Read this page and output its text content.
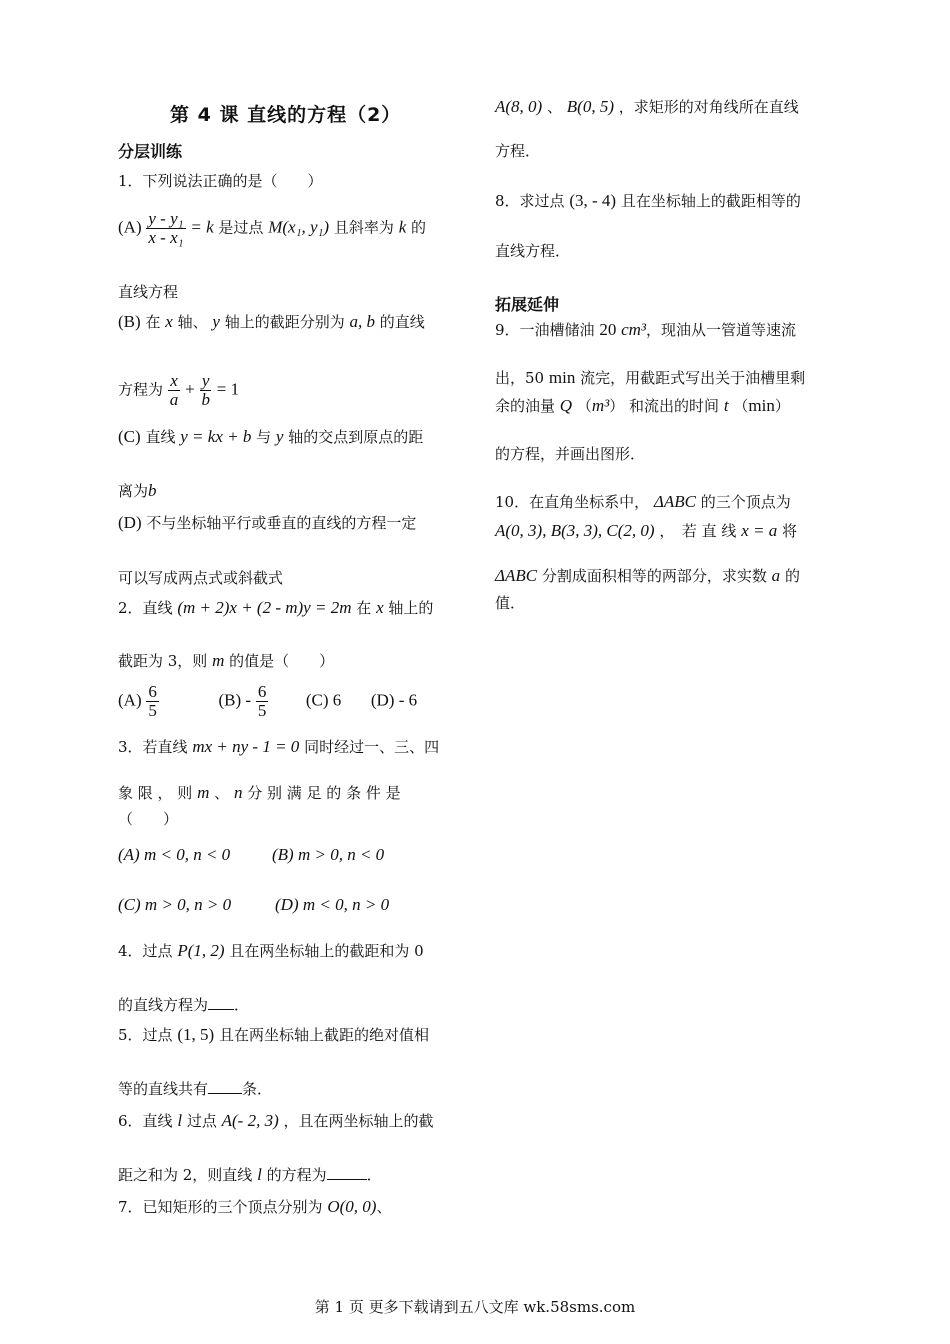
第 4 课 直线的方程（2）
分层训练
1．下列说法正确的是（　　）
$(A) \frac{\text{y - y₁}}{\text{x - x₁}} = k$ 是过点 M(x₁, y₁) 且斜率为 k 的
直线方程
(B) 在 x 轴、 y 轴上的截距分别为 a, b 的直线
方程为 $\frac{x}{a} + \frac{y}{b} = 1$
(C) 直线 y = kx + b 与 y 轴的交点到原点的距
离为b
(D) 不与坐标轴平行或垂直的直线的方程一定
可以写成两点式或斜截式
2．直线 (m + 2)x + (2 - m)y = 2m 在 x 轴上的
截距为 3，则 m 的值是（　　）
$(A) \frac{6}{5}$	$(B) - \frac{6}{5} (C)$ 6 (D) - 6
3．若直线 mx + ny - 1 = 0 同时经过一、三、四
象 限 ， 则 m 、 n 分 别 满 足 的 条 件 是
（　　）
(A) m < 0, n < 0 (B) m > 0, n < 0
(C) m > 0, n > 0	(D) m < 0, n > 0
4．过点 P(1, 2) 且在两坐标轴上的截距和为 0
的直线方程为 ．
5．过点 (1, 5) 且在两坐标轴上截距的绝对值相
等的直线共有 条．
6．直线 l 过点 A(- 2, 3) ，且在两坐标轴上的截
距之和为 2，则直线 l 的方程为	．
7．已知矩形的三个顶点分别为 O(0, 0)、
A(8, 0) 、 B(0, 5) ，求矩形的对角线所在直线
方程．
8．求过点 (3, - 4) 且在坐标轴上的截距相等的
直线方程．
拓展延伸
9．一油槽储油 20 cm³，现油从一管道等速流
出，50 min 流完，用截距式写出关于油槽里剩
余的油量 Q （m³） 和流出的时间 t （min）
的方程，并画出图形．
10．在直角坐标系中， ΔABC 的三个顶点为
A(0, 3), B(3, 3), C(2, 0) ，　若 直 线 x = a 将
ΔABC 分割成面积相等的两部分，求实数 a 的
值．
第 1 页 更多下载请到五八文库 wk.58sms.com
